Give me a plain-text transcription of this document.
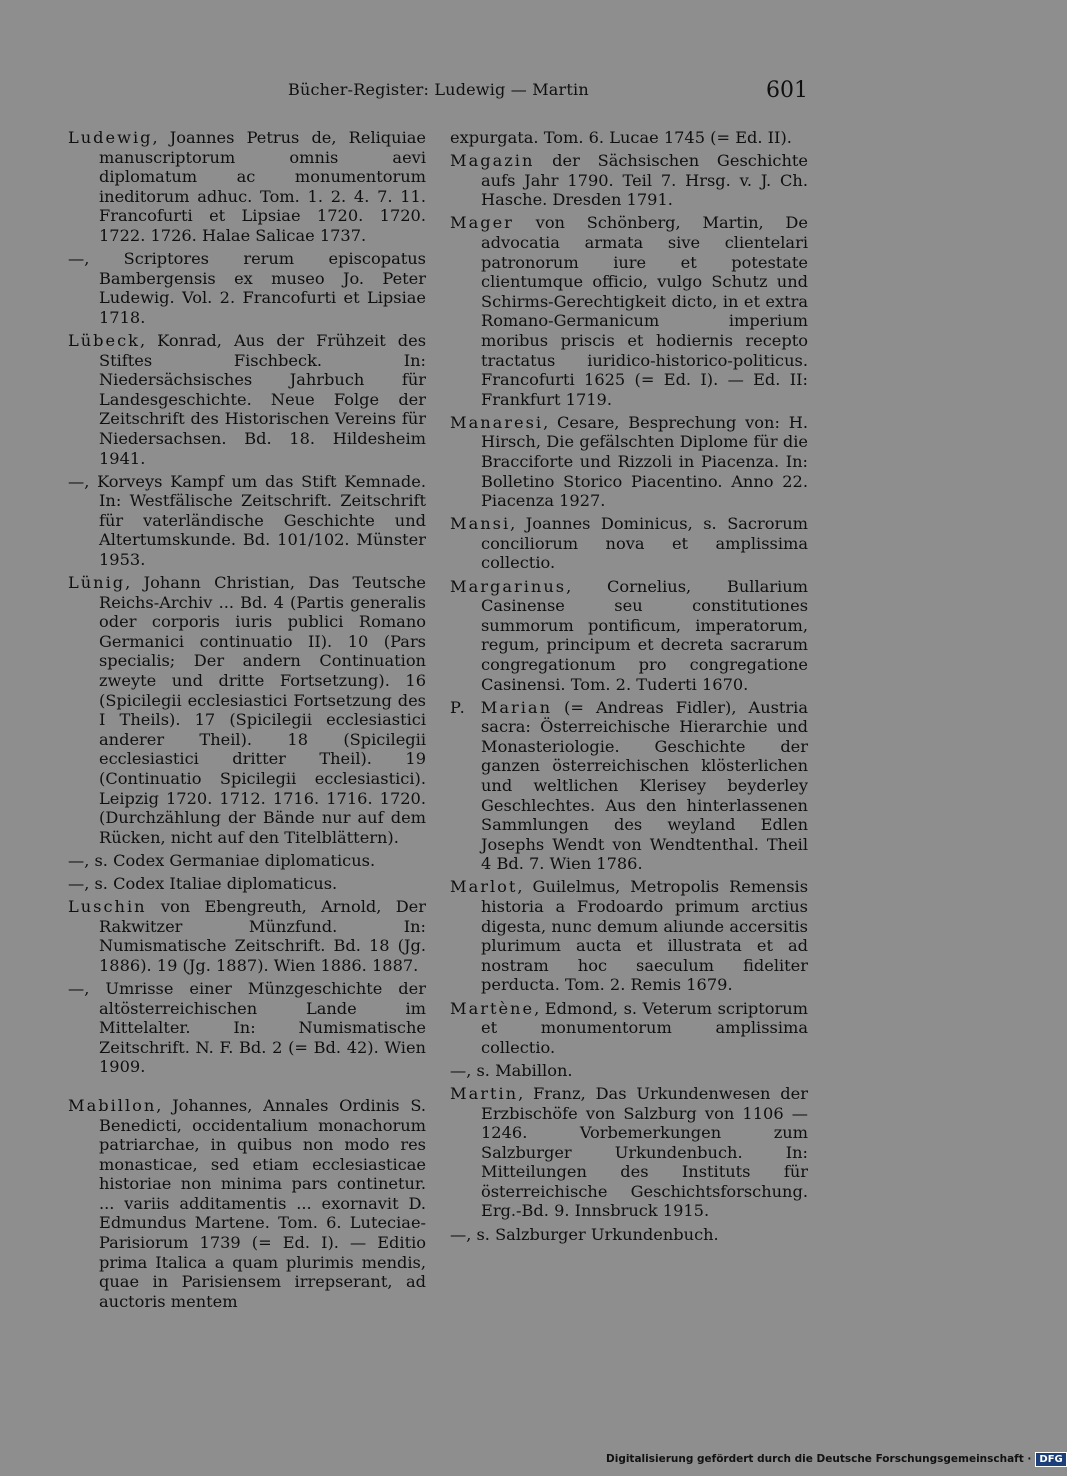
Bücher-Register: Ludewig — Martin	601

Ludewig, Joannes Petrus de, Reliquiae manuscriptorum omnis aevi diplomatum ac monumentorum ineditorum adhuc. Tom. 1. 2. 4. 7. 11. Francofurti et Lipsiae 1720. 1720. 1722. 1726. Halae Salicae 1737.

—, Scriptores rerum episcopatus Bambergensis ex museo Jo. Peter Ludewig. Vol. 2. Francofurti et Lipsiae 1718.

Lübeck, Konrad, Aus der Frühzeit des Stiftes Fischbeck. In: Niedersächsisches Jahrbuch für Landesgeschichte. Neue Folge der Zeitschrift des Historischen Vereins für Niedersachsen. Bd. 18. Hildesheim 1941.

—, Korveys Kampf um das Stift Kemnade. In: Westfälische Zeitschrift. Zeitschrift für vaterländische Geschichte und Altertumskunde. Bd. 101/102. Münster 1953.

Lünig, Johann Christian, Das Teutsche Reichs-Archiv ... Bd. 4 (Partis generalis oder corporis iuris publici Romano Germanici continuatio II). 10 (Pars specialis; Der andern Continuation zweyte und dritte Fortsetzung). 16 (Spicilegii ecclesiastici Fortsetzung des I Theils). 17 (Spicilegii ecclesiastici anderer Theil). 18 (Spicilegii ecclesiastici dritter Theil). 19 (Continuatio Spicilegii ecclesiastici). Leipzig 1720. 1712. 1716. 1716. 1720. (Durchzählung der Bände nur auf dem Rücken, nicht auf den Titelblättern).

—, s. Codex Germaniae diplomaticus.

—, s. Codex Italiae diplomaticus.

Luschin von Ebengreuth, Arnold, Der Rakwitzer Münzfund. In: Numismatische Zeitschrift. Bd. 18 (Jg. 1886). 19 (Jg. 1887). Wien 1886. 1887.

—, Umrisse einer Münzgeschichte der altösterreichischen Lande im Mittelalter. In: Numismatische Zeitschrift. N. F. Bd. 2 (= Bd. 42). Wien 1909.

Mabillon, Johannes, Annales Ordinis S. Benedicti, occidentalium monachorum patriarchae, in quibus non modo res monasticae, sed etiam ecclesiasticae historiae non minima pars continetur. ... variis additamentis ... exornavit D. Edmundus Martene. Tom. 6. Luteciae-Parisiorum 1739 (= Ed. I). — Editio prima Italica a quam plurimis mendis, quae in Parisiensem irrepserant, ad auctoris mentem

expurgata. Tom. 6. Lucae 1745 (= Ed. II).

Magazin der Sächsischen Geschichte aufs Jahr 1790. Teil 7. Hrsg. v. J. Ch. Hasche. Dresden 1791.

Mager von Schönberg, Martin, De advocatia armata sive clientelari patronorum iure et potestate clientumque officio, vulgo Schutz und Schirms-Gerechtigkeit dicto, in et extra Romano-Germanicum imperium moribus priscis et hodiernis recepto tractatus iuridico-historico-politicus. Francofurti 1625 (= Ed. I). — Ed. II: Frankfurt 1719.

Manaresi, Cesare, Besprechung von: H. Hirsch, Die gefälschten Diplome für die Bracciforte und Rizzoli in Piacenza. In: Bolletino Storico Piacentino. Anno 22. Piacenza 1927.

Mansi, Joannes Dominicus, s. Sacrorum conciliorum nova et amplissima collectio.

Margarinus, Cornelius, Bullarium Casinense seu constitutiones summorum pontificum, imperatorum, regum, principum et decreta sacrarum congregationum pro congregatione Casinensi. Tom. 2. Tuderti 1670.

P. Marian (= Andreas Fidler), Austria sacra: Österreichische Hierarchie und Monasteriologie. Geschichte der ganzen österreichischen klösterlichen und weltlichen Klerisey beyderley Geschlechtes. Aus den hinterlassenen Sammlungen des weyland Edlen Josephs Wendt von Wendtenthal. Theil 4 Bd. 7. Wien 1786.

Marlot, Guilelmus, Metropolis Remensis historia a Frodoardo primum arctius digesta, nunc demum aliunde accersitis plurimum aucta et illustrata et ad nostram hoc saeculum fideliter perducta. Tom. 2. Remis 1679.

Martène, Edmond, s. Veterum scriptorum et monumentorum amplissima collectio.

—, s. Mabillon.

Martin, Franz, Das Urkundenwesen der Erzbischöfe von Salzburg von 1106 —1246. Vorbemerkungen zum Salzburger Urkundenbuch. In: Mitteilungen des Instituts für österreichische Geschichtsforschung. Erg.-Bd. 9. Innsbruck 1915.

—, s. Salzburger Urkundenbuch.

Digitalisierung gefördert durch die Deutsche Forschungsgemeinschaft · DFG
